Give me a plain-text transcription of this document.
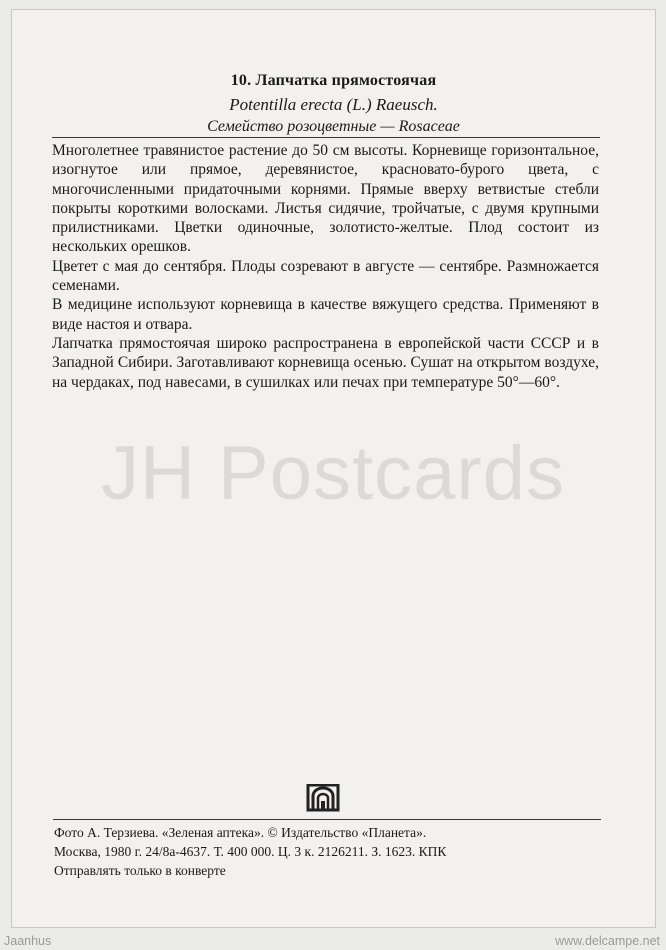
10. Лапчатка прямостоячая
Potentilla erecta (L.) Raeusch.
Семейство розоцветные — Rosaceae

Многолетнее травянистое растение до 50 см высоты. Корневище горизонтальное, изогнутое или прямое, деревянистое, красновато-бурого цвета, с многочисленными придаточными корнями. Прямые вверху ветвистые стебли покрыты короткими волосками. Листья сидячие, тройчатые, с двумя крупными прилистниками. Цветки одиночные, золотисто-желтые. Плод состоит из нескольких орешков.

Цветет с мая до сентября. Плоды созревают в августе — сентябре. Размножается семенами.

В медицине используют корневища в качестве вяжущего средства. Применяют в виде настоя и отвара.

Лапчатка прямостоячая широко распространена в европейской части СССР и в Западной Сибири. Заготавливают корневища осенью. Сушат на открытом воздухе, на чердаках, под навесами, в сушилках или печах при температуре 50°—60°.

JH Postcards
Фото А. Терзиева. «Зеленая аптека». © Издательство «Планета».
Москва, 1980 г. 24/8а-4637. Т. 400 000. Ц. 3 к. 2126211. З. 1623. КПК
Отправлять только в конверте
Jaanhus	www.delcampe.net
